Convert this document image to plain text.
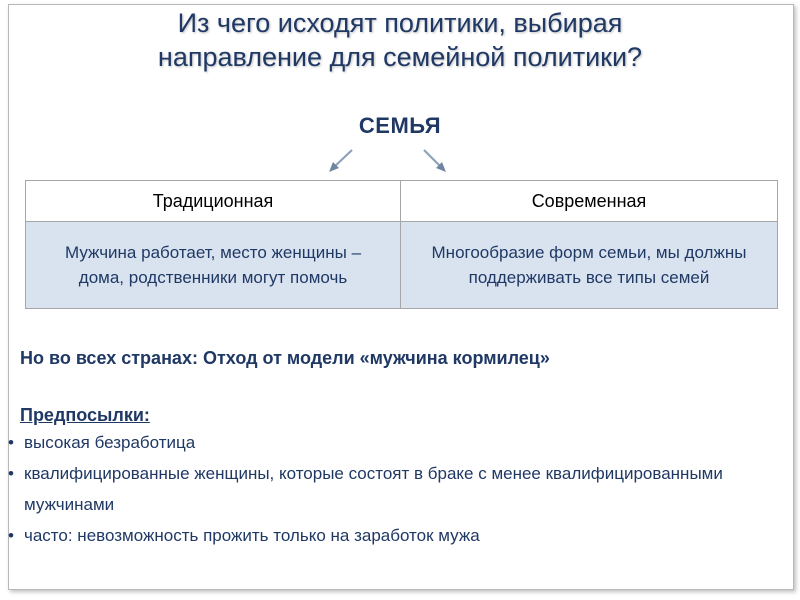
Из чего исходят политики, выбирая
направление для семейной политики?
СЕМЬЯ
Традиционная	Современная
Мужчина работает, место женщины – дома, родственники могут помочь	Многообразие форм семьи, мы должны поддерживать все типы семей
Но во всех странах: Отход от модели «мужчина кормилец»
Предпосылки:
• высокая безработица
• квалифицированные женщины, которые состоят в браке с менее квалифицированными мужчинами
• часто: невозможность прожить только на заработок мужа
